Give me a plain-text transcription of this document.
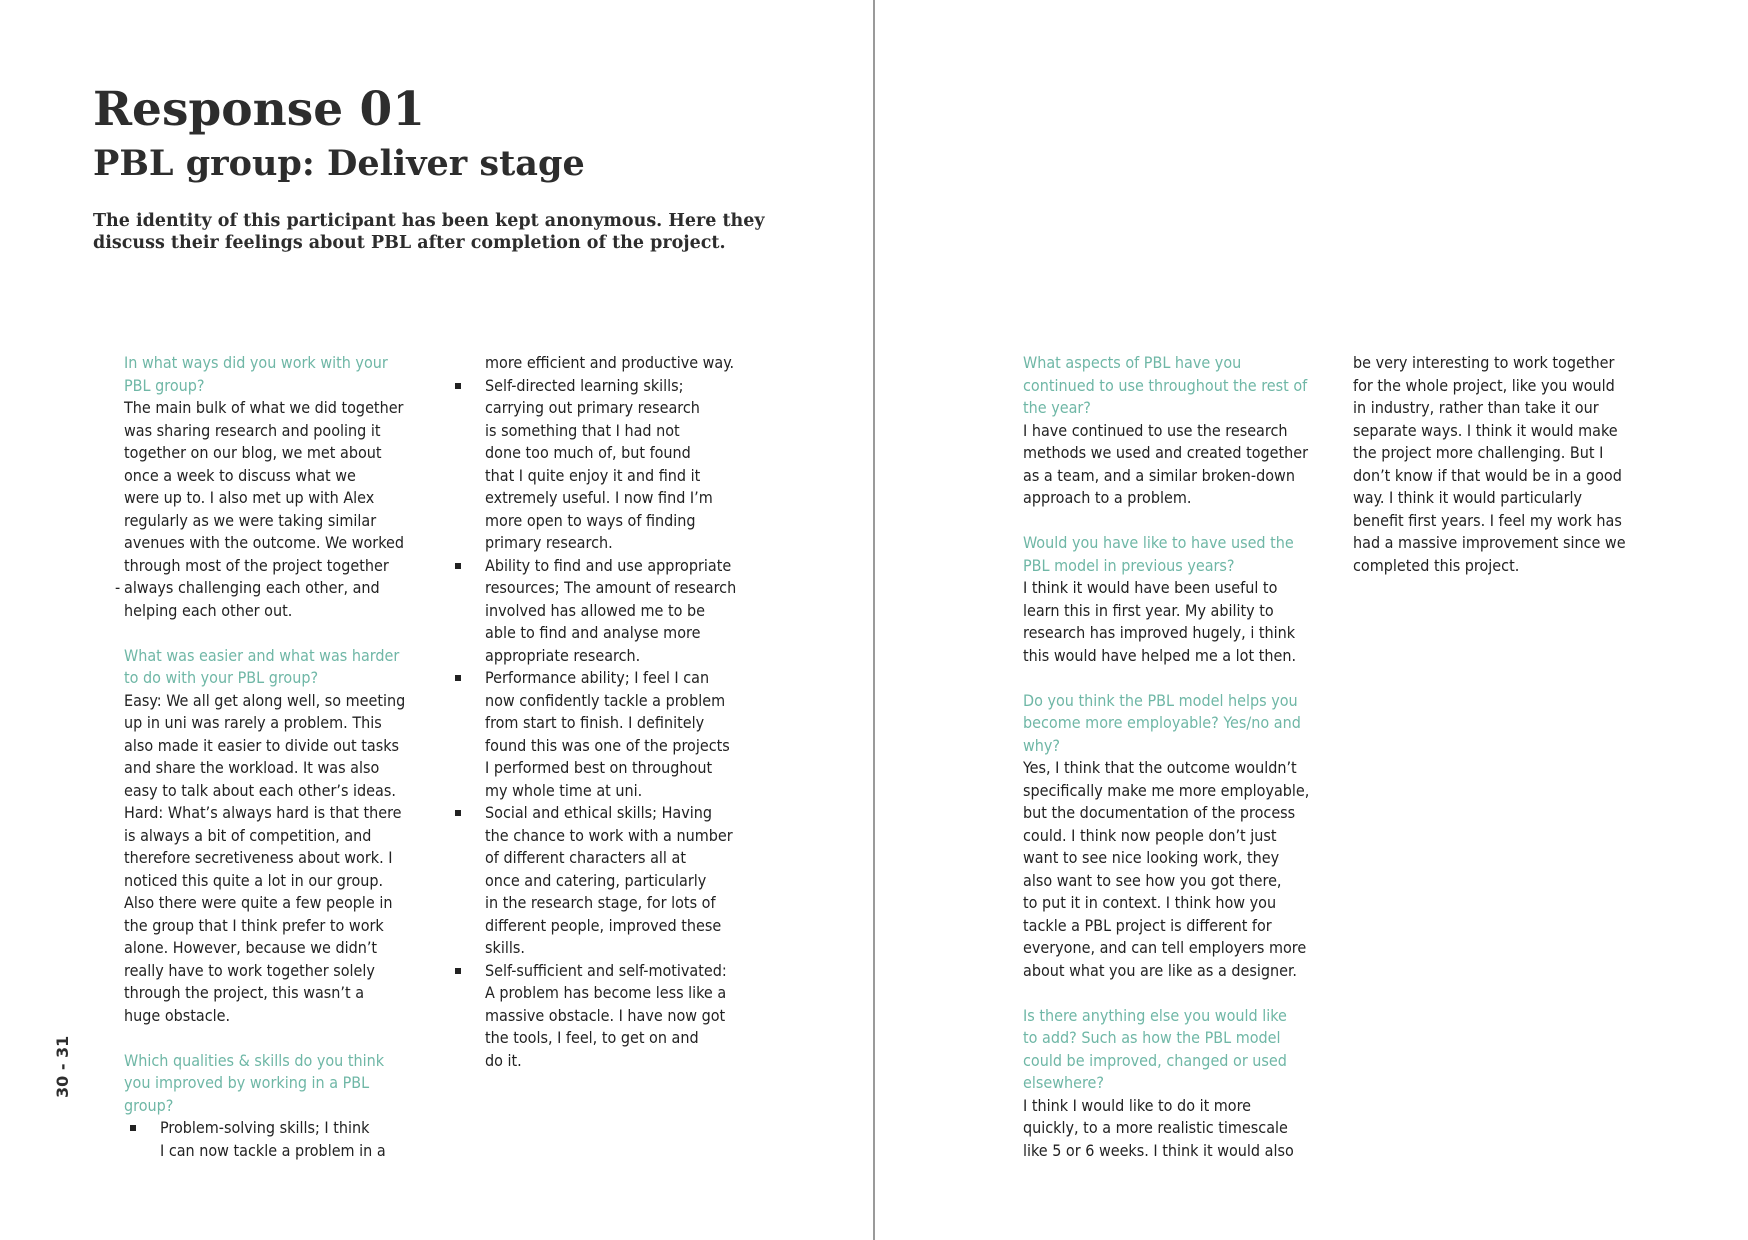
Response 01
PBL group: Deliver stage

The identity of this participant has been kept anonymous. Here they
discuss their feelings about PBL after completion of the project.

30 - 31
In what ways did you work with your
PBL group?

The main bulk of what we did together
was sharing research and pooling it
together on our blog, we met about
once a week to discuss what we
were up to. I also met up with Alex
regularly as we were taking similar
avenues with the outcome. We worked
through most of the project together
- always challenging each other, and
helping each other out.

What was easier and what was harder
to do with your PBL group?

Easy: We all get along well, so meeting
up in uni was rarely a problem. This
also made it easier to divide out tasks
and share the workload. It was also
easy to talk about each other’s ideas.
Hard: What’s always hard is that there
is always a bit of competition, and
therefore secretiveness about work. I
noticed this quite a lot in our group.
Also there were quite a few people in
the group that I think prefer to work
alone. However, because we didn’t
really have to work together solely
through the project, this wasn’t a
huge obstacle.

Which qualities & skills do you think
you improved by working in a PBL
group?
Problem-solving skills; I think
I can now tackle a problem in a

more efficient and productive way.

Self-directed learning skills;
carrying out primary research
is something that I had not
done too much of, but found
that I quite enjoy it and find it
extremely useful. I now find I’m
more open to ways of finding
primary research.
Ability to find and use appropriate
resources; The amount of research
involved has allowed me to be
able to find and analyse more
appropriate research.
Performance ability; I feel I can
now confidently tackle a problem
from start to finish. I definitely
found this was one of the projects
I performed best on throughout
my whole time at uni.
Social and ethical skills; Having
the chance to work with a number
of different characters all at
once and catering, particularly
in the research stage, for lots of
different people, improved these
skills.
Self-sufficient and self-motivated:
A problem has become less like a
massive obstacle. I have now got
the tools, I feel, to get on and
do it.
What aspects of PBL have you
continued to use throughout the rest of
the year?

I have continued to use the research
methods we used and created together
as a team, and a similar broken-down
approach to a problem.

Would you have like to have used the
PBL model in previous years?

I think it would have been useful to
learn this in first year. My ability to
research has improved hugely, i think
this would have helped me a lot then.

Do you think the PBL model helps you
become more employable? Yes/no and
why?

Yes, I think that the outcome wouldn’t
specifically make me more employable,
but the documentation of the process
could. I think now people don’t just
want to see nice looking work, they
also want to see how you got there,
to put it in context. I think how you
tackle a PBL project is different for
everyone, and can tell employers more
about what you are like as a designer.

Is there anything else you would like
to add? Such as how the PBL model
could be improved, changed or used
elsewhere?

I think I would like to do it more
quickly, to a more realistic timescale
like 5 or 6 weeks. I think it would also

be very interesting to work together
for the whole project, like you would
in industry, rather than take it our
separate ways. I think it would make
the project more challenging. But I
don’t know if that would be in a good
way. I think it would particularly
benefit first years. I feel my work has
had a massive improvement since we
completed this project.
